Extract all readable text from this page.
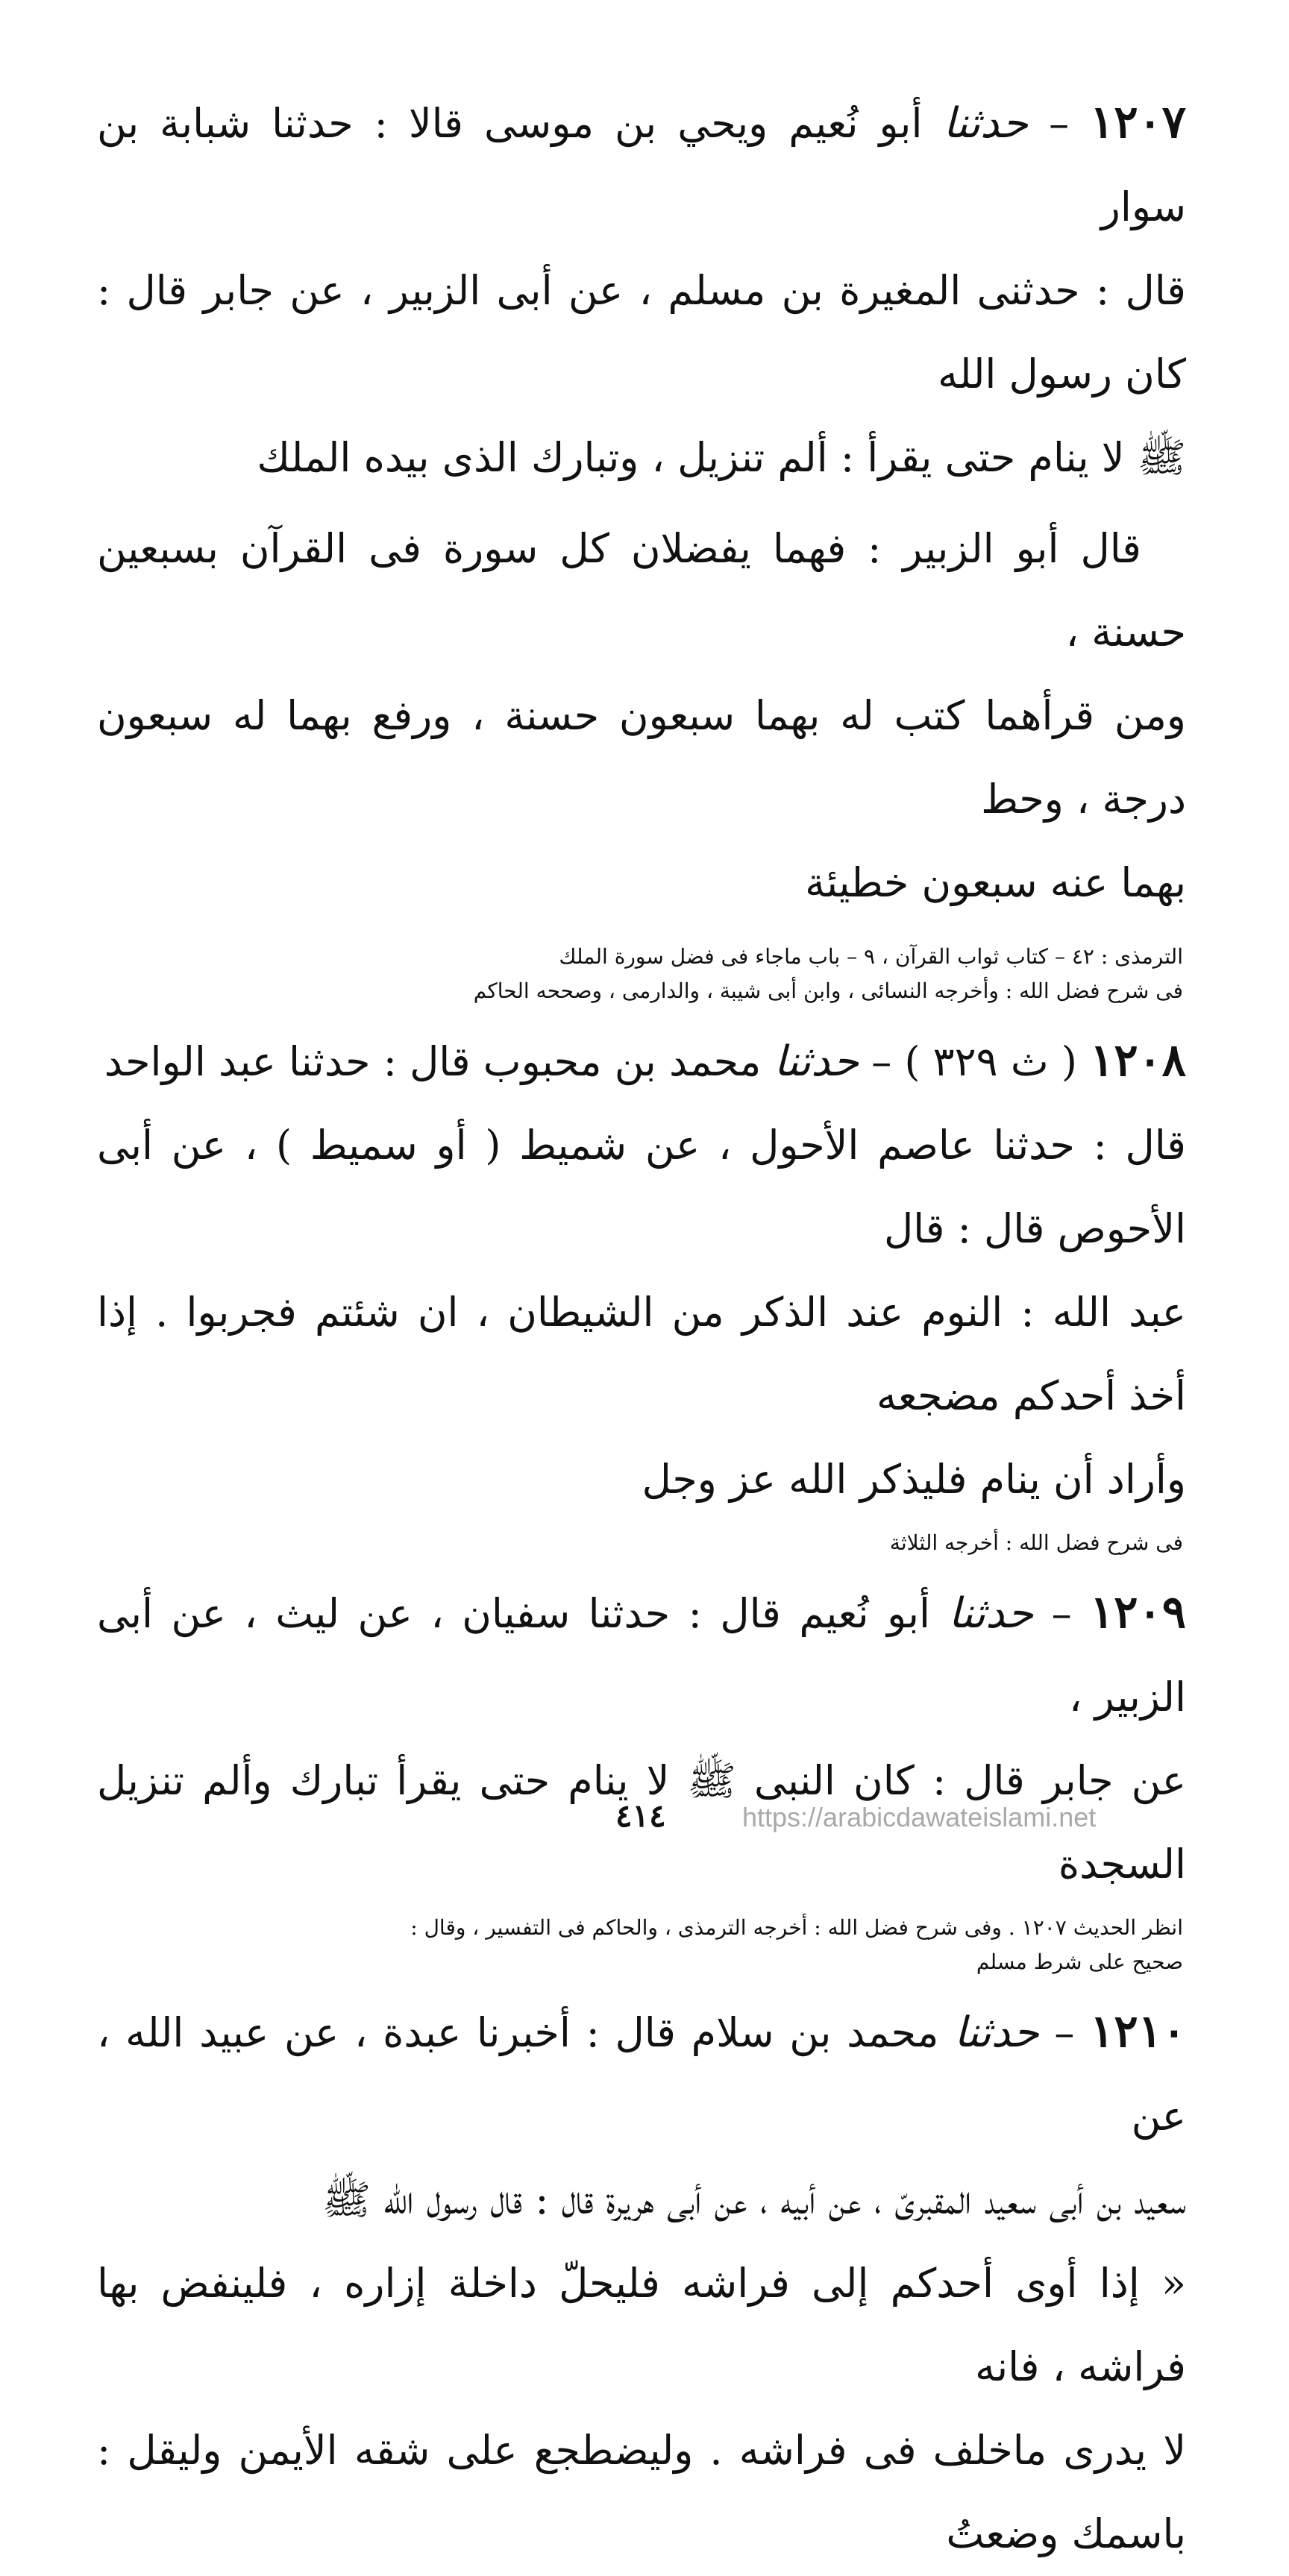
١٢٠٧ – حدثنا أبو نُعيم ويحي بن موسى قالا : حدثنا شبابة بن سوار

قال : حدثنى المغيرة بن مسلم ، عن أبى الزبير ، عن جابر قال : كان رسول الله

ﷺ لا ينام حتى يقرأ : ألم تنزيل ، وتبارك الذى بيده الملك

قال أبو الزبير : فهما يفضلان كل سورة فى القرآن بسبعين حسنة ،

ومن قرأهما كتب له بهما سبعون حسنة ، ورفع بهما له سبعون درجة ، وحط

بهما عنه سبعون خطيئة

الترمذى : ٤٢ – كتاب ثواب القرآن ، ٩ – باب ماجاء فى فضل سورة الملك

فى شرح فضل الله : وأخرجه النسائى ، وابن أبى شيبة ، والدارمى ، وصححه الحاكم

١٢٠٨ ( ث ٣٢٩ ) – حدثنا محمد بن محبوب قال : حدثنا عبد الواحد

قال : حدثنا عاصم الأحول ، عن شميط ( أو سميط ) ، عن أبى الأحوص قال : قال

عبد الله : النوم عند الذكر من الشيطان ، ان شئتم فجربوا . إذا أخذ أحدكم مضجعه

وأراد أن ينام فليذكر الله عز وجل

فى شرح فضل الله : أخرجه الثلاثة

١٢٠٩ – حدثنا أبو نُعيم قال : حدثنا سفيان ، عن ليث ، عن أبى الزبير ،

عن جابر قال : كان النبى ﷺ لا ينام حتى يقرأ تبارك وألم تنزيل السجدة

انظر الحديث ١٢٠٧ . وفى شرح فضل الله : أخرجه الترمذى ، والحاكم فى التفسير ، وقال :

صحيح على شرط مسلم

١٢١٠ – حدثنا محمد بن سلام قال : أخبرنا عبدة ، عن عبيد الله ، عن

سعيد بن أبى سعيد المقبرىّ ، عن أبيه ، عن أبى هريرة قال : قال رسول الله ﷺ

« إذا أوى أحدكم إلى فراشه فليحلّ داخلة إزاره ، فلينفض بها فراشه ، فانه

لا يدرى ماخلف فى فراشه . وليضطجع على شقه الأيمن وليقل : باسمك وضعتُ

٤١٤	https://arabicdawateislami.net
